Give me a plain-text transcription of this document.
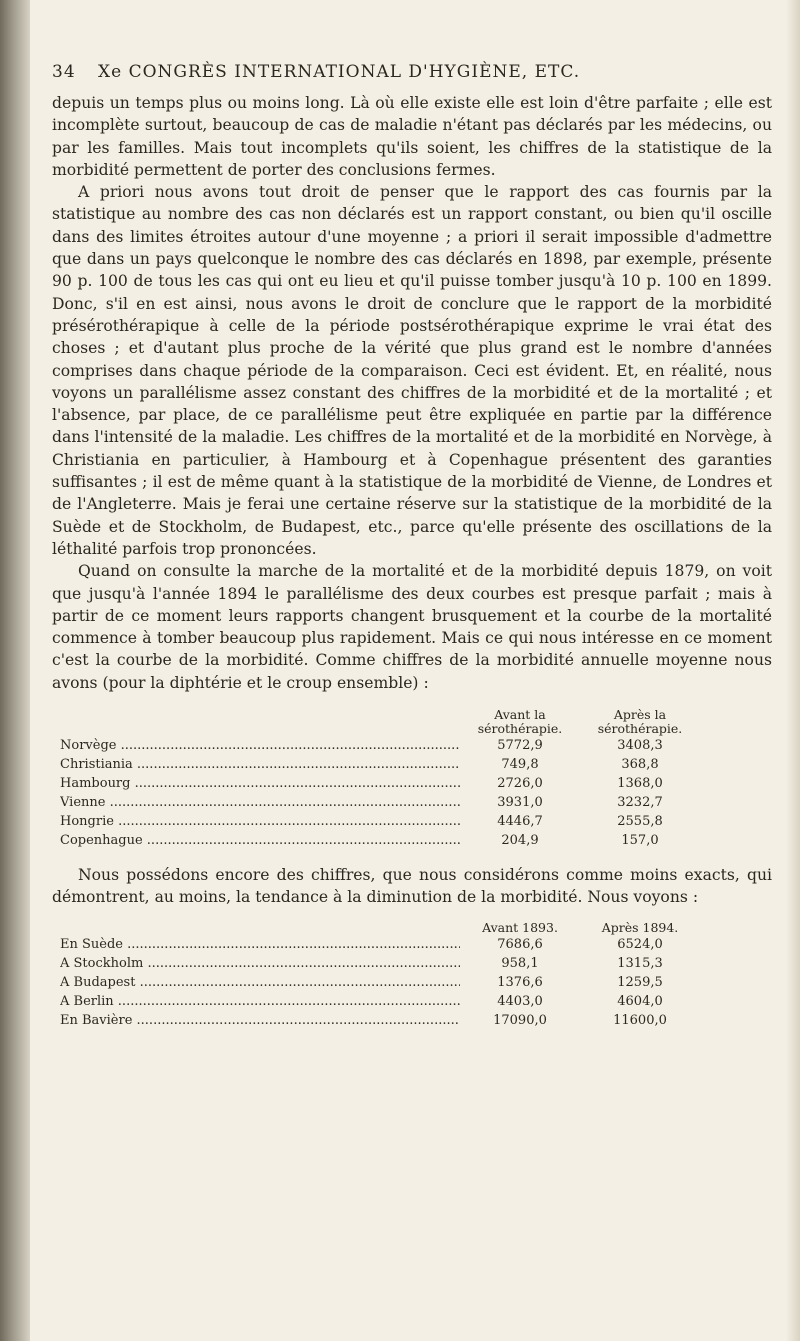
34	Xe CONGRÈS INTERNATIONAL D'HYGIÈNE, ETC.

depuis un temps plus ou moins long. Là où elle existe elle est loin d'être parfaite ; elle est incomplète surtout, beaucoup de cas de maladie n'étant pas déclarés par les médecins, ou par les familles. Mais tout incomplets qu'ils soient, les chiffres de la statistique de la morbidité permettent de porter des conclusions fermes.

A priori nous avons tout droit de penser que le rapport des cas fournis par la statistique au nombre des cas non déclarés est un rapport constant, ou bien qu'il oscille dans des limites étroites autour d'une moyenne ; a priori il serait impossible d'admettre que dans un pays quelconque le nombre des cas déclarés en 1898, par exemple, présente 90 p. 100 de tous les cas qui ont eu lieu et qu'il puisse tomber jusqu'à 10 p. 100 en 1899. Donc, s'il en est ainsi, nous avons le droit de conclure que le rapport de la morbidité présérothérapique à celle de la période postsérothérapique exprime le vrai état des choses ; et d'autant plus proche de la vérité que plus grand est le nombre d'années comprises dans chaque période de la comparaison. Ceci est évident. Et, en réalité, nous voyons un parallélisme assez constant des chiffres de la morbidité et de la mortalité ; et l'absence, par place, de ce parallélisme peut être expliquée en partie par la différence dans l'intensité de la maladie. Les chiffres de la mortalité et de la morbidité en Norvège, à Christiania en particulier, à Hambourg et à Copenhague présentent des garanties suffisantes ; il est de même quant à la statistique de la morbidité de Vienne, de Londres et de l'Angleterre. Mais je ferai une certaine réserve sur la statistique de la morbidité de la Suède et de Stockholm, de Budapest, etc., parce qu'elle présente des oscillations de la léthalité parfois trop prononcées.

Quand on consulte la marche de la mortalité et de la morbidité depuis 1879, on voit que jusqu'à l'année 1894 le parallélisme des deux courbes est presque parfait ; mais à partir de ce moment leurs rapports changent brusquement et la courbe de la mortalité commence à tomber beaucoup plus rapidement. Mais ce qui nous intéresse en ce moment c'est la courbe de la morbidité. Comme chiffres de la morbidité annuelle moyenne nous avons (pour la diphtérie et le croup ensemble) :

Avant la sérothérapie.
Après la sérothérapie.
Norvège .....	5772,9	3408,3
Christiania .....	749,8	368,8
Hambourg .....	2726,0	1368,0
Vienne .....	3931,0	3232,7
Hongrie .....	4446,7	2555,8
Copenhague .....	204,9	157,0

Nous possédons encore des chiffres, que nous considérons comme moins exacts, qui démontrent, au moins, la tendance à la diminution de la morbidité. Nous voyons :

Avant 1893.	Après 1894.
En Suède .....	7686,6	6524,0
A Stockholm .....	958,1	1315,3
A Budapest .....	1376,6	1259,5
A Berlin .....	4403,0	4604,0
En Bavière .....	17090,0	11600,0
